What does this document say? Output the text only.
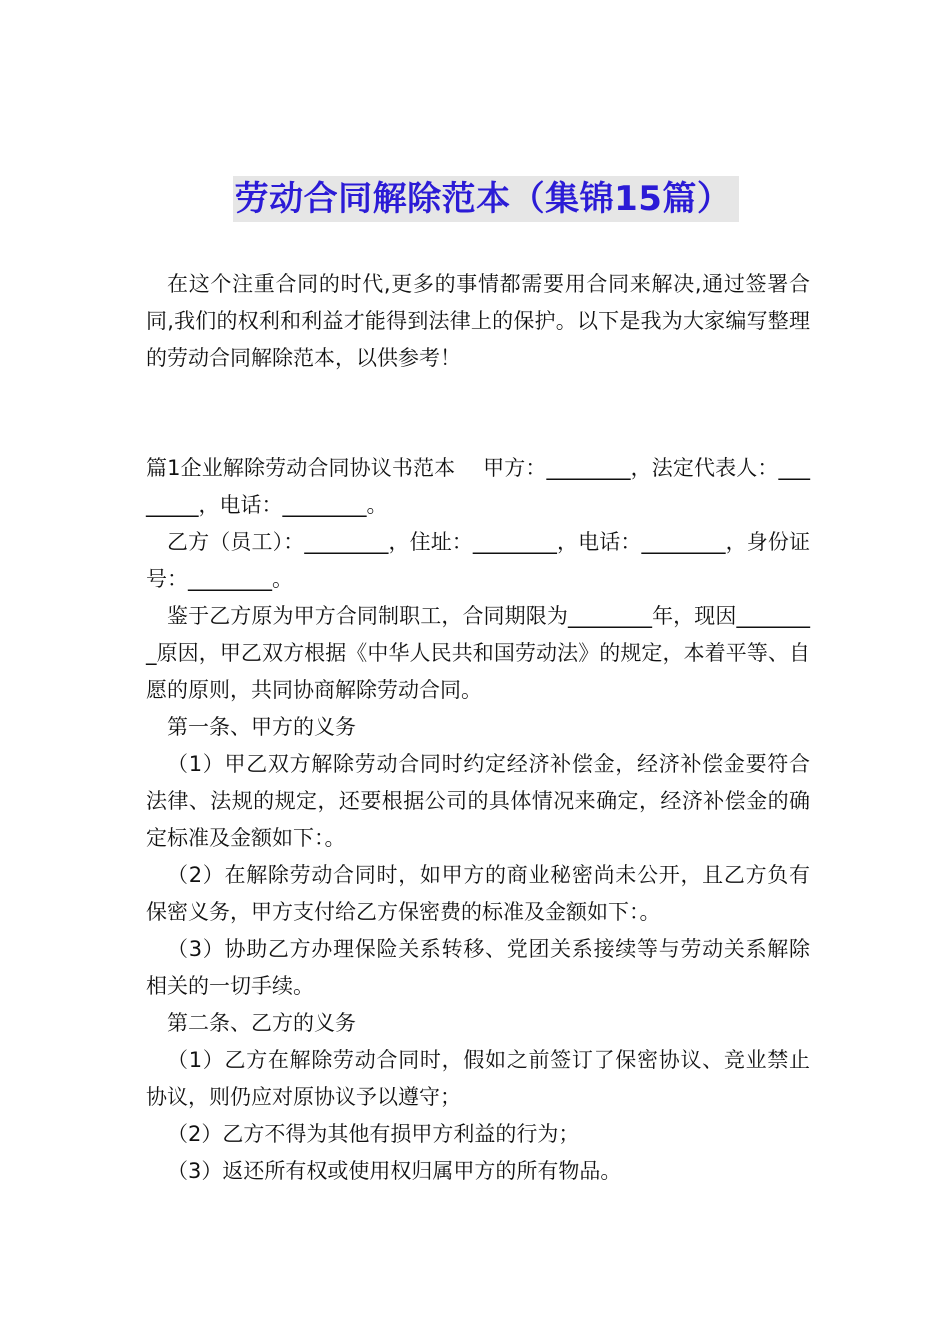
劳动合同解除范本（集锦15篇）

在这个注重合同的时代,更多的事情都需要用合同来解决,通过签署合同,我们的权利和利益才能得到法律上的保护。以下是我为大家编写整理的劳动合同解除范本，以供参考！

篇1企业解除劳动合同协议书范本　 甲方：________，法定代表人：________，电话：________。

乙方（员工）：________，住址：________，电话：________，身份证号：________。

鉴于乙方原为甲方合同制职工，合同期限为________年，现因________原因，甲乙双方根据《中华人民共和国劳动法》的规定，本着平等、自愿的原则，共同协商解除劳动合同。

第一条、甲方的义务

（1）甲乙双方解除劳动合同时约定经济补偿金，经济补偿金要符合法律、法规的规定，还要根据公司的具体情况来确定，经济补偿金的确定标准及金额如下：。

（2）在解除劳动合同时，如甲方的商业秘密尚未公开，且乙方负有保密义务，甲方支付给乙方保密费的标准及金额如下：。

（3）协助乙方办理保险关系转移、党团关系接续等与劳动关系解除相关的一切手续。

第二条、乙方的义务

（1）乙方在解除劳动合同时，假如之前签订了保密协议、竞业禁止协议，则仍应对原协议予以遵守；

（2）乙方不得为其他有损甲方利益的行为；

（3）返还所有权或使用权归属甲方的所有物品。
